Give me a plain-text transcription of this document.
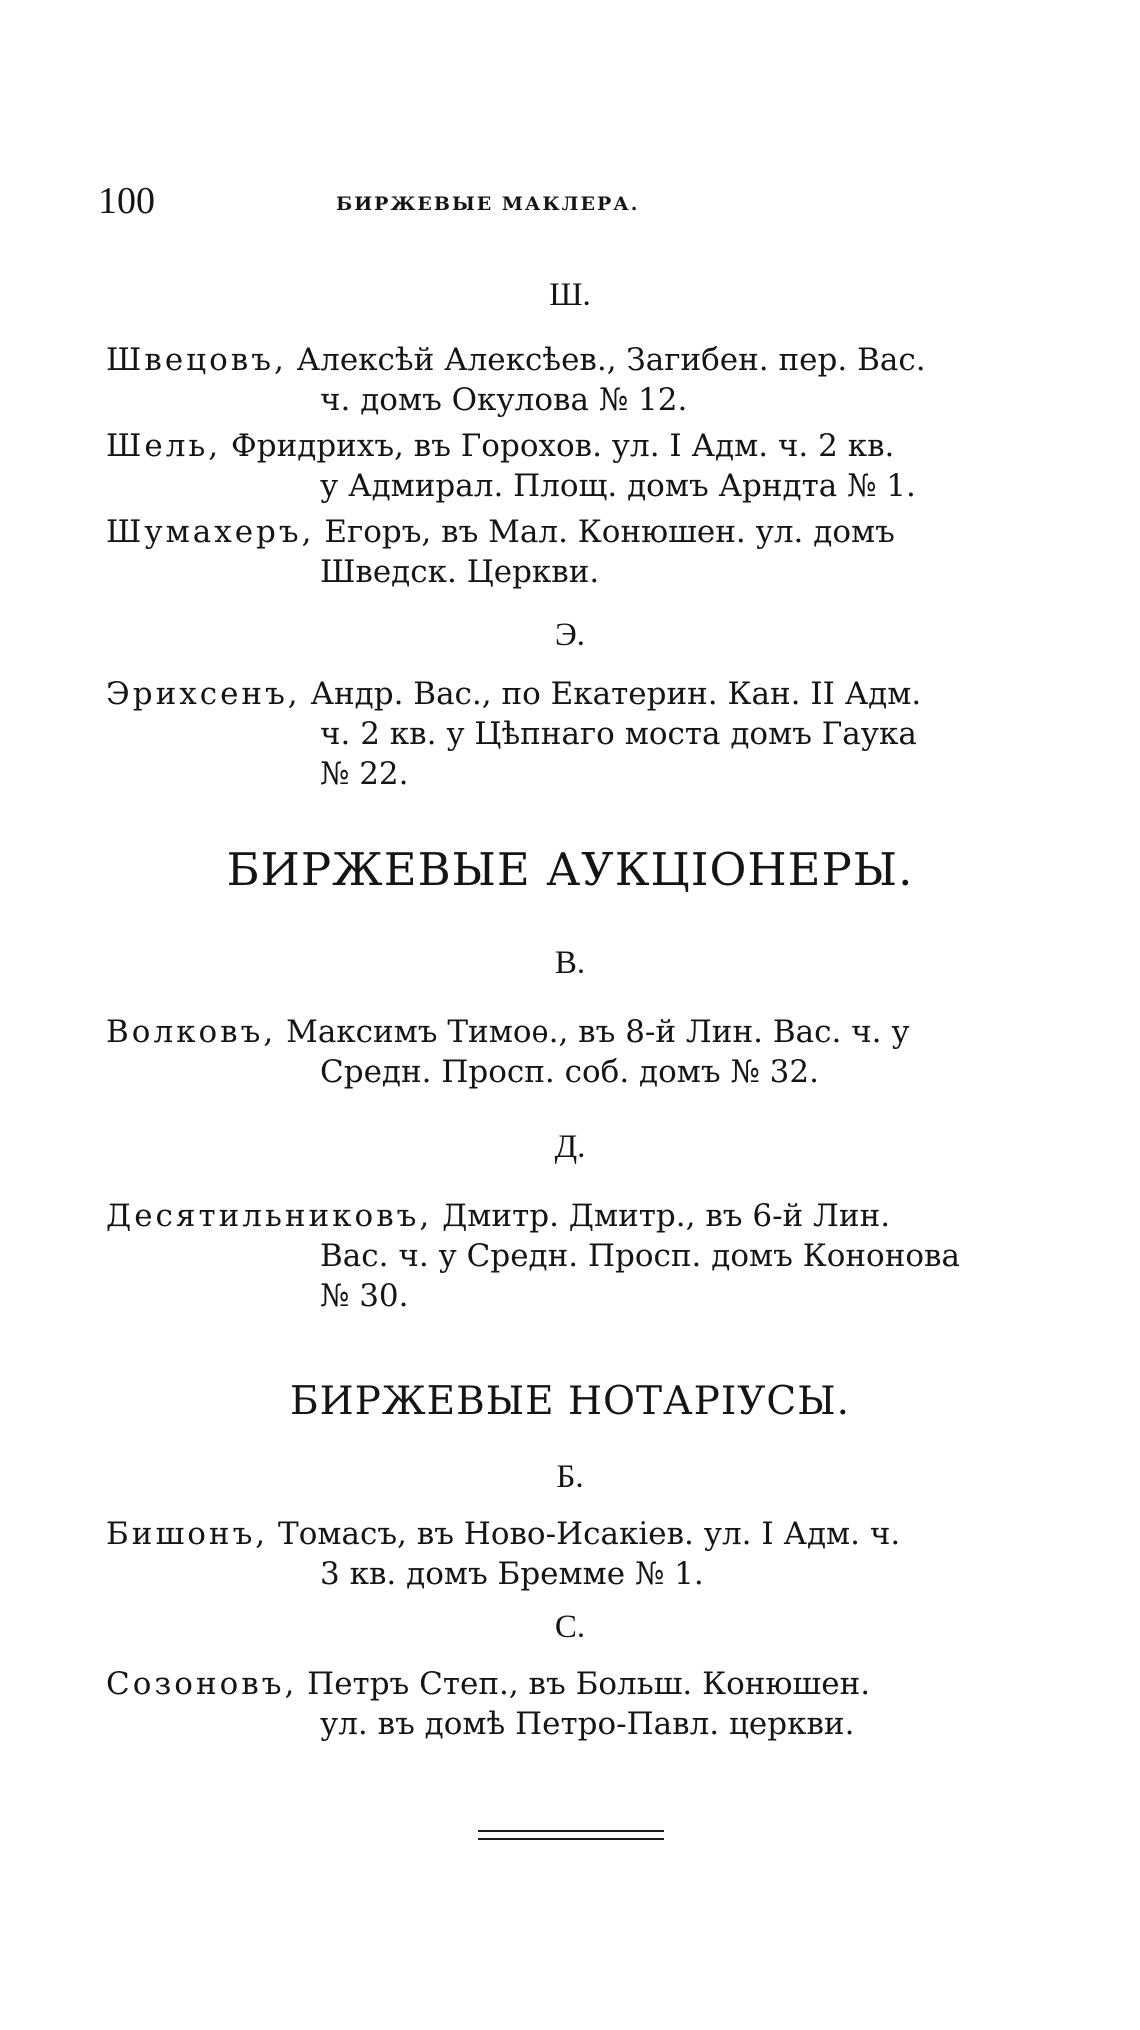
100	БИРЖЕВЫЕ МАКЛЕРА.
Ш.
Швецовъ, Алексѣй Алексѣев., Загибен. пер. Вас.
ч. домъ Окулова № 12.
Шель, Фридрихъ, въ Горохов. ул. I Адм. ч. 2 кв.
у Адмирал. Площ. домъ Арндта № 1.
Шумахеръ, Егоръ, въ Мал. Конюшен. ул. домъ
Шведск. Церкви.
Э.
Эрихсенъ, Андр. Вас., по Екатерин. Кан. II Адм.
ч. 2 кв. у Цѣпнаго моста домъ Гаука
№ 22.
БИРЖЕВЫЕ АУКЦІОНЕРЫ.
В.
Волковъ, Максимъ Тимоѳ., въ 8-й Лин. Вас. ч. у
Средн. Просп. соб. домъ № 32.
Д.
Десятильниковъ, Дмитр. Дмитр., въ 6-й Лин.
Вас. ч. у Средн. Просп. домъ Кононова
№ 30.
БИРЖЕВЫЕ НОТАРІУСЫ.
Б.
Бишонъ, Томасъ, въ Ново-Исакіев. ул. I Адм. ч.
3 кв. домъ Бремме № 1.
С.
Созоновъ, Петръ Степ., въ Больш. Конюшен.
ул. въ домѣ Петро-Павл. церкви.
